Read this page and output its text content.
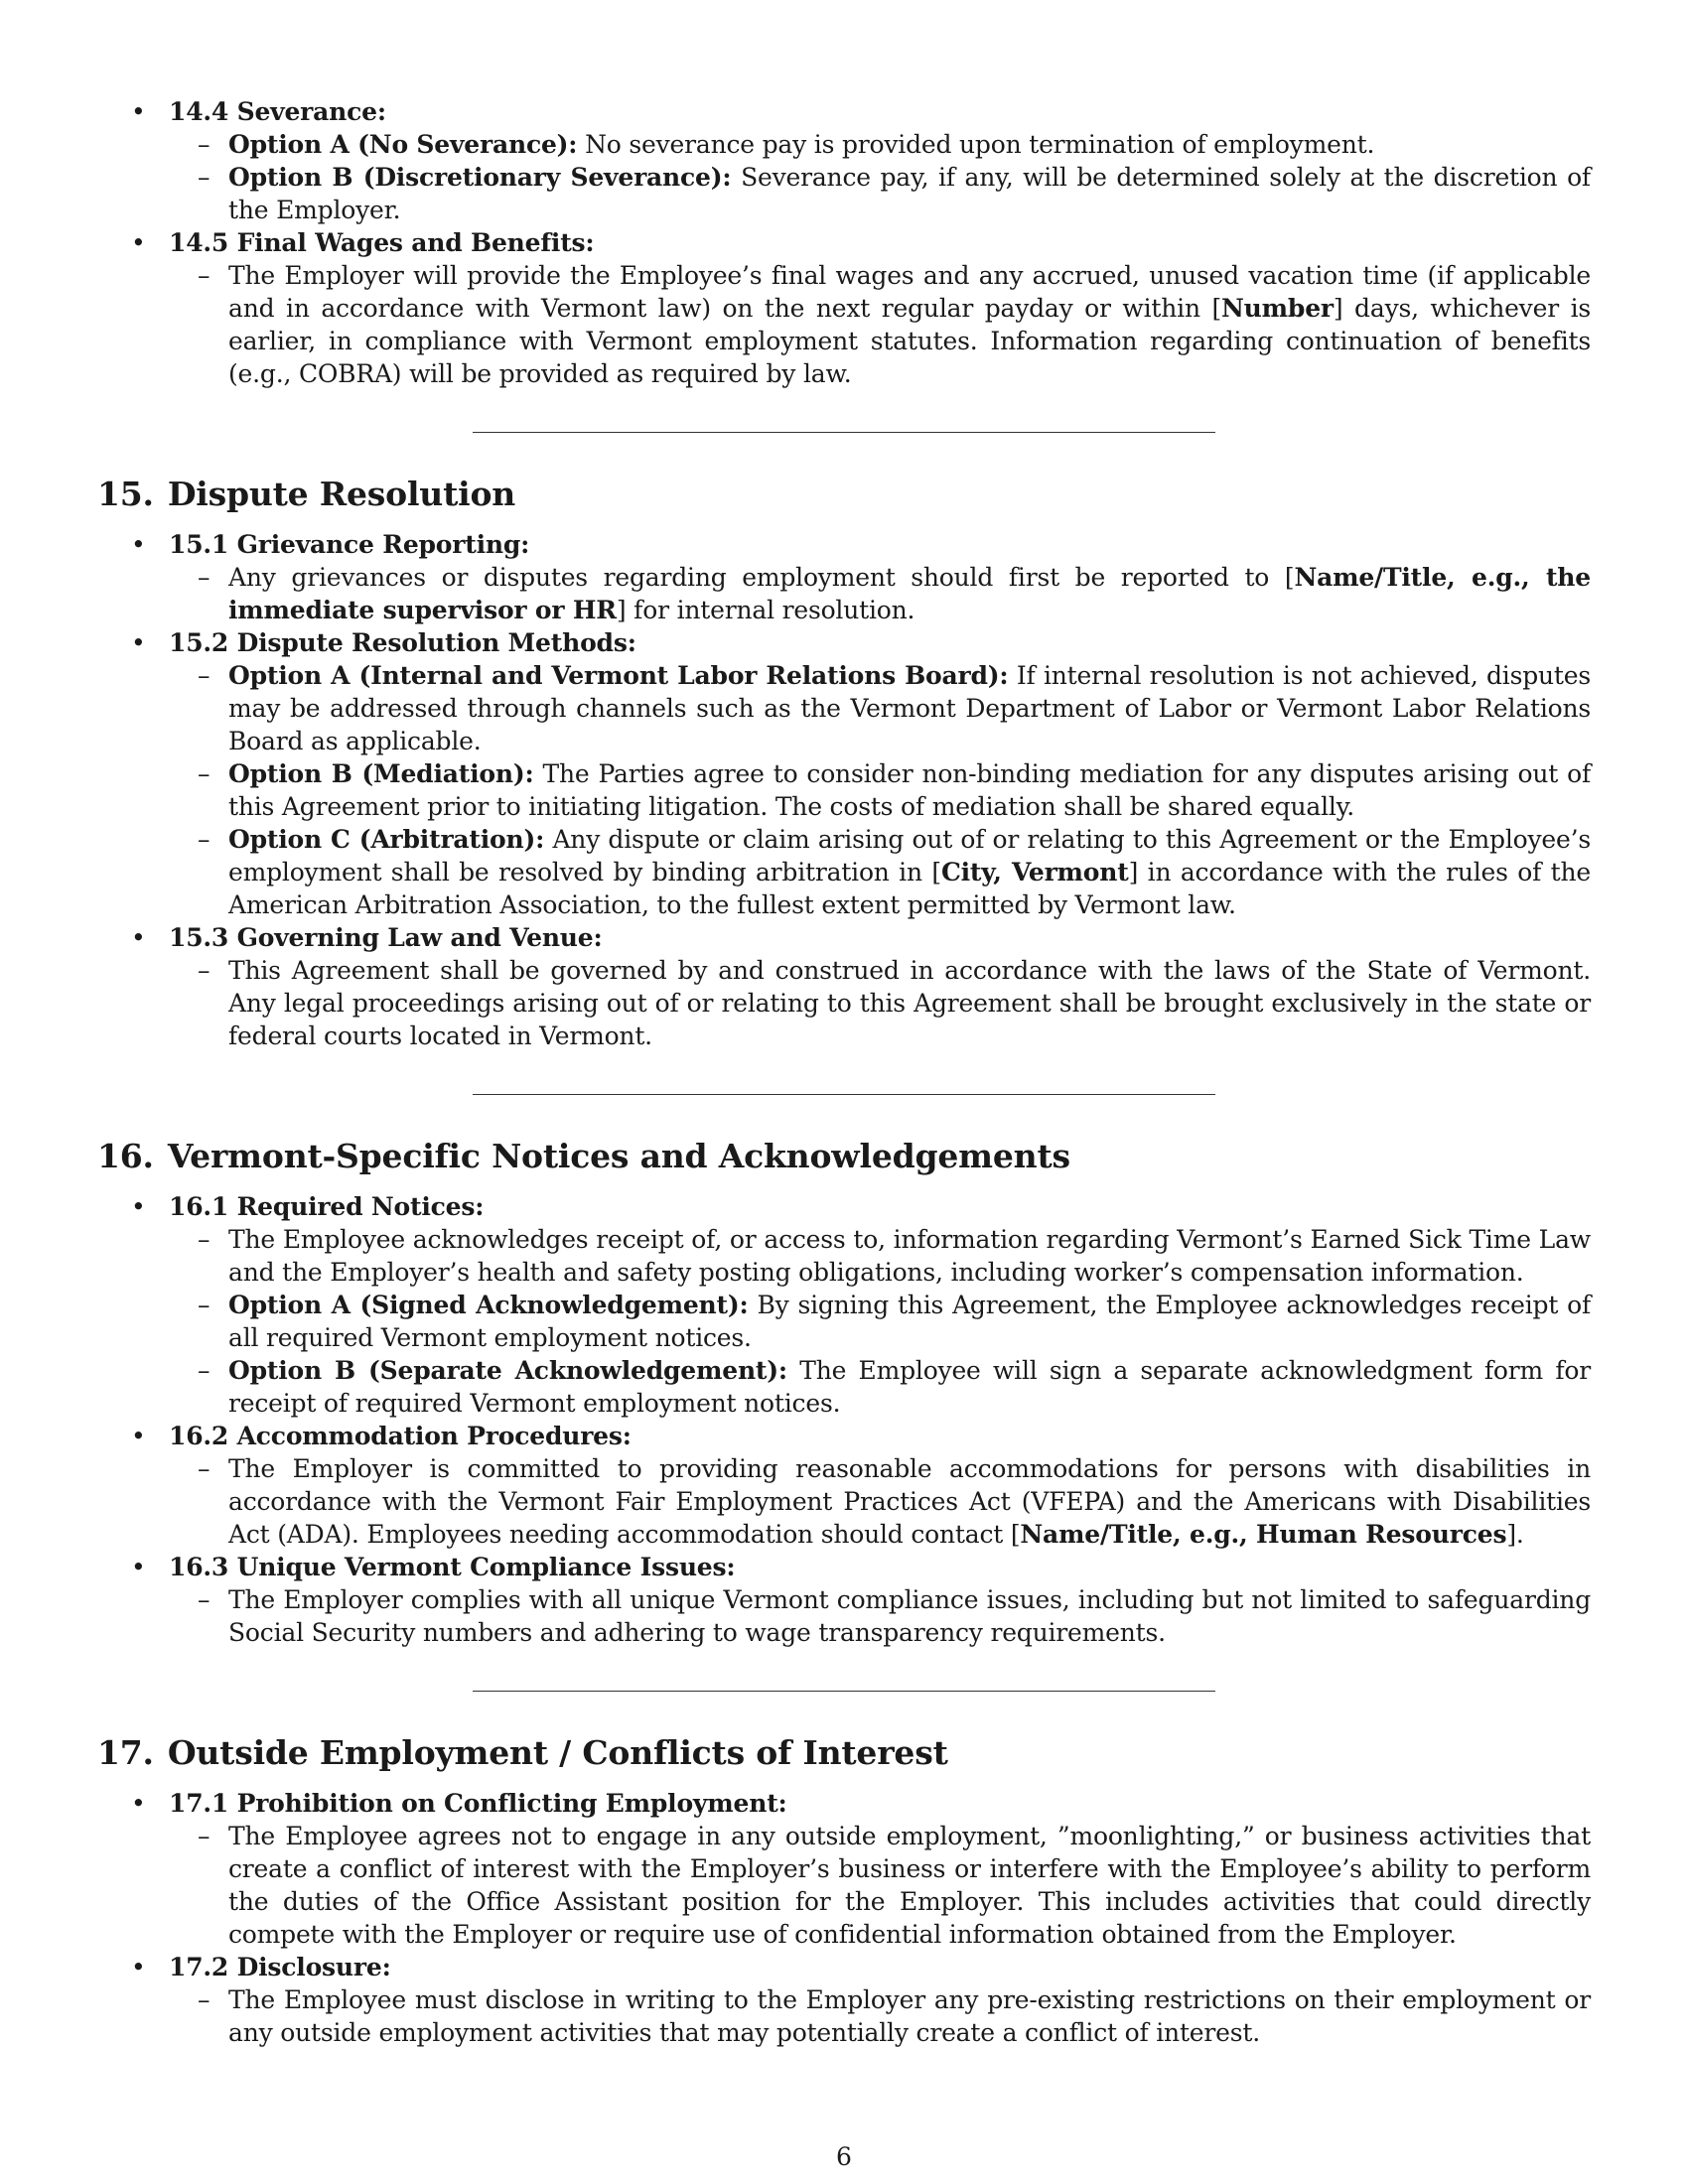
• 14.4 Severance:
– Option A (No Severance): No severance pay is provided upon termination of employment.
– Option B (Discretionary Severance): Severance pay, if any, will be determined solely at the discretion of the Employer.
• 14.5 Final Wages and Benefits:
– The Employer will provide the Employee’s final wages and any accrued, unused vacation time (if applicable and in accordance with Vermont law) on the next regular payday or within [Number] days, whichever is earlier, in compliance with Vermont employment statutes. Information regarding continuation of benefits (e.g., COBRA) will be provided as required by law.
15. Dispute Resolution
• 15.1 Grievance Reporting:
– Any grievances or disputes regarding employment should first be reported to [Name/Title, e.g., the immediate supervisor or HR] for internal resolution.
• 15.2 Dispute Resolution Methods:
– Option A (Internal and Vermont Labor Relations Board): If internal resolution is not achieved, disputes may be addressed through channels such as the Vermont Department of Labor or Vermont Labor Relations Board as applicable.
– Option B (Mediation): The Parties agree to consider non-binding mediation for any disputes arising out of this Agreement prior to initiating litigation. The costs of mediation shall be shared equally.
– Option C (Arbitration): Any dispute or claim arising out of or relating to this Agreement or the Employee’s employment shall be resolved by binding arbitration in [City, Vermont] in accordance with the rules of the American Arbitration Association, to the fullest extent permitted by Vermont law.
• 15.3 Governing Law and Venue:
– This Agreement shall be governed by and construed in accordance with the laws of the State of Vermont. Any legal proceedings arising out of or relating to this Agreement shall be brought exclusively in the state or federal courts located in Vermont.
16. Vermont-Specific Notices and Acknowledgements
• 16.1 Required Notices:
– The Employee acknowledges receipt of, or access to, information regarding Vermont’s Earned Sick Time Law and the Employer’s health and safety posting obligations, including worker’s compensation information.
– Option A (Signed Acknowledgement): By signing this Agreement, the Employee acknowledges receipt of all required Vermont employment notices.
– Option B (Separate Acknowledgement): The Employee will sign a separate acknowledgment form for receipt of required Vermont employment notices.
• 16.2 Accommodation Procedures:
– The Employer is committed to providing reasonable accommodations for persons with disabilities in accordance with the Vermont Fair Employment Practices Act (VFEPA) and the Americans with Disabilities Act (ADA). Employees needing accommodation should contact [Name/Title, e.g., Human Resources].
• 16.3 Unique Vermont Compliance Issues:
– The Employer complies with all unique Vermont compliance issues, including but not limited to safeguarding Social Security numbers and adhering to wage transparency requirements.
17. Outside Employment / Conflicts of Interest
• 17.1 Prohibition on Conflicting Employment:
– The Employee agrees not to engage in any outside employment, ”moonlighting,” or business activities that create a conflict of interest with the Employer’s business or interfere with the Employee’s ability to perform the duties of the Office Assistant position for the Employer. This includes activities that could directly compete with the Employer or require use of confidential information obtained from the Employer.
• 17.2 Disclosure:
– The Employee must disclose in writing to the Employer any pre-existing restrictions on their employment or any outside employment activities that may potentially create a conflict of interest.
6
